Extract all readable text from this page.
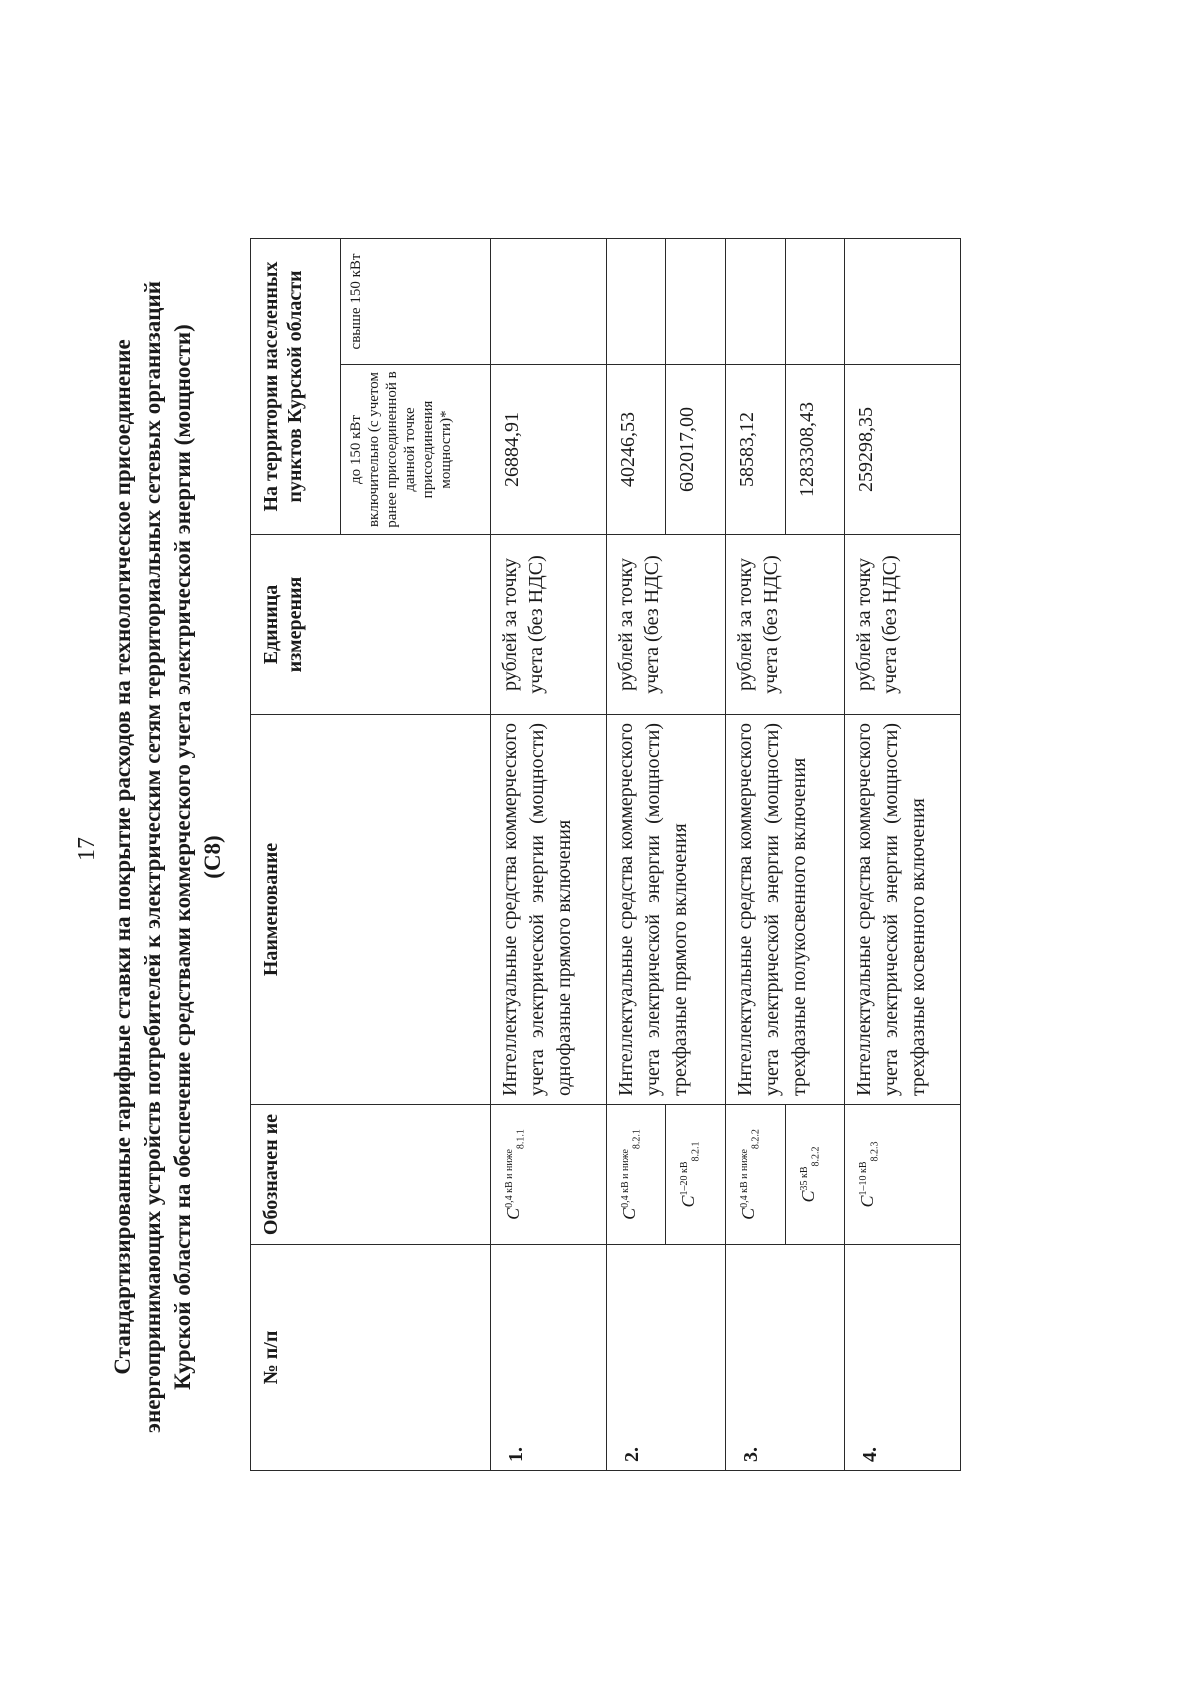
17 Стандартизированные тарифные ставки на покрытие расходов на технологическое присоединение энергопринимающих устройств потребителей к электрическим сетям территориальных сетевых организаций Курской области на обеспечение средствами коммерческого учета электрической энергии (мощности) (С8)
№ п/п	Обозначен ие	Наименование	Единица измерения	На территории населенных пунктов Курской области	
				до 150 кВт включительно (с учетом ранее присоединенной в данной точке присоединения мощности)*	свыше 150 кВт
1.	$C^{0,4 кВ и ниже}_{8.1.1}$	Интеллектуальные средства коммерческого учета электрической энергии (мощности) однофазные прямого включения	рублей за точку учета (без НДС)	26884,91	
2.	$C^{0,4 кВ и ниже}_{8.2.1}$	Интеллектуальные средства коммерческого учета электрической энергии (мощности) трехфазные прямого включения	рублей за точку учета (без НДС)	40246,53	
	$C^{1-20 кВ}_{8.2.1}$			602017,00	
3.	$C^{0,4 кВ и ниже}_{8.2.2}$	Интеллектуальные средства коммерческого учета электрической энергии (мощности) трехфазные полукосвенного включения	рублей за точку учета (без НДС)	58583,12	
	$C^{35 кВ}_{8.2.2}$			1283308,43	
4.	$C^{1-10 кВ}_{8.2.3}$	Интеллектуальные средства коммерческого учета электрической энергии (мощности) трехфазные косвенного включения	рублей за точку учета (без НДС)	259298,35	
